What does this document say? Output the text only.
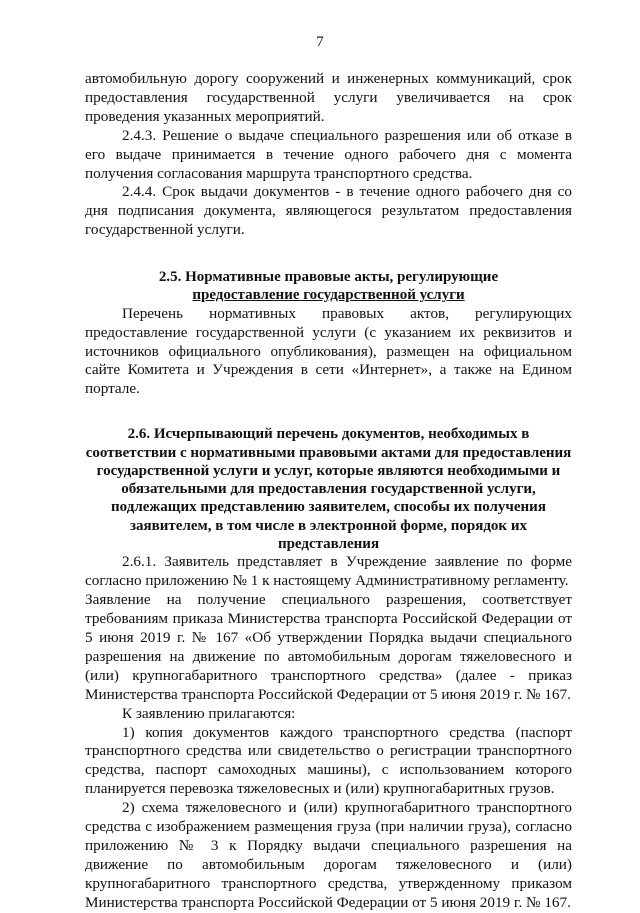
7

автомобильную дорогу сооружений и инженерных коммуникаций, срок предоставления государственной услуги увеличивается на срок проведения указанных мероприятий.

2.4.3. Решение о выдаче специального разрешения или об отказе в его выдаче принимается в течение одного рабочего дня с момента получения согласования маршрута транспортного средства.

2.4.4. Срок выдачи документов - в течение одного рабочего дня со дня подписания документа, являющегося результатом предоставления государственной услуги.

2.5. Нормативные правовые акты, регулирующие
предоставление государственной услуги

Перечень нормативных правовых актов, регулирующих предоставление государственной услуги (с указанием их реквизитов и источников официального опубликования), размещен на официальном сайте Комитета и Учреждения в сети «Интернет», а также на Едином портале.

2.6. Исчерпывающий перечень документов, необходимых в соответствии с нормативными правовыми актами для предоставления государственной услуги и услуг, которые являются необходимыми и обязательными для предоставления государственной услуги, подлежащих представлению заявителем, способы их получения заявителем, в том числе в электронной форме, порядок их представления

2.6.1. Заявитель представляет в Учреждение заявление по форме согласно приложению № 1 к настоящему Административному регламенту.

Заявление на получение специального разрешения, соответствует требованиям приказа Министерства транспорта Российской Федерации от 5 июня 2019 г. № 167 «Об утверждении Порядка выдачи специального разрешения на движение по автомобильным дорогам тяжеловесного и (или) крупногабаритного транспортного средства» (далее - приказ Министерства транспорта Российской Федерации от 5 июня 2019 г. № 167.

К заявлению прилагаются:

1) копия документов каждого транспортного средства (паспорт транспортного средства или свидетельство о регистрации транспортного средства, паспорт самоходных машины), с использованием которого планируется перевозка тяжеловесных и (или) крупногабаритных грузов.

2) схема тяжеловесного и (или) крупногабаритного транспортного средства с изображением размещения груза (при наличии груза), согласно приложению № 3 к Порядку выдачи специального разрешения на движение по автомобильным дорогам тяжеловесного и (или) крупногабаритного транспортного средства, утвержденному приказом Министерства транспорта Российской Федерации от 5 июня 2019 г. № 167.
